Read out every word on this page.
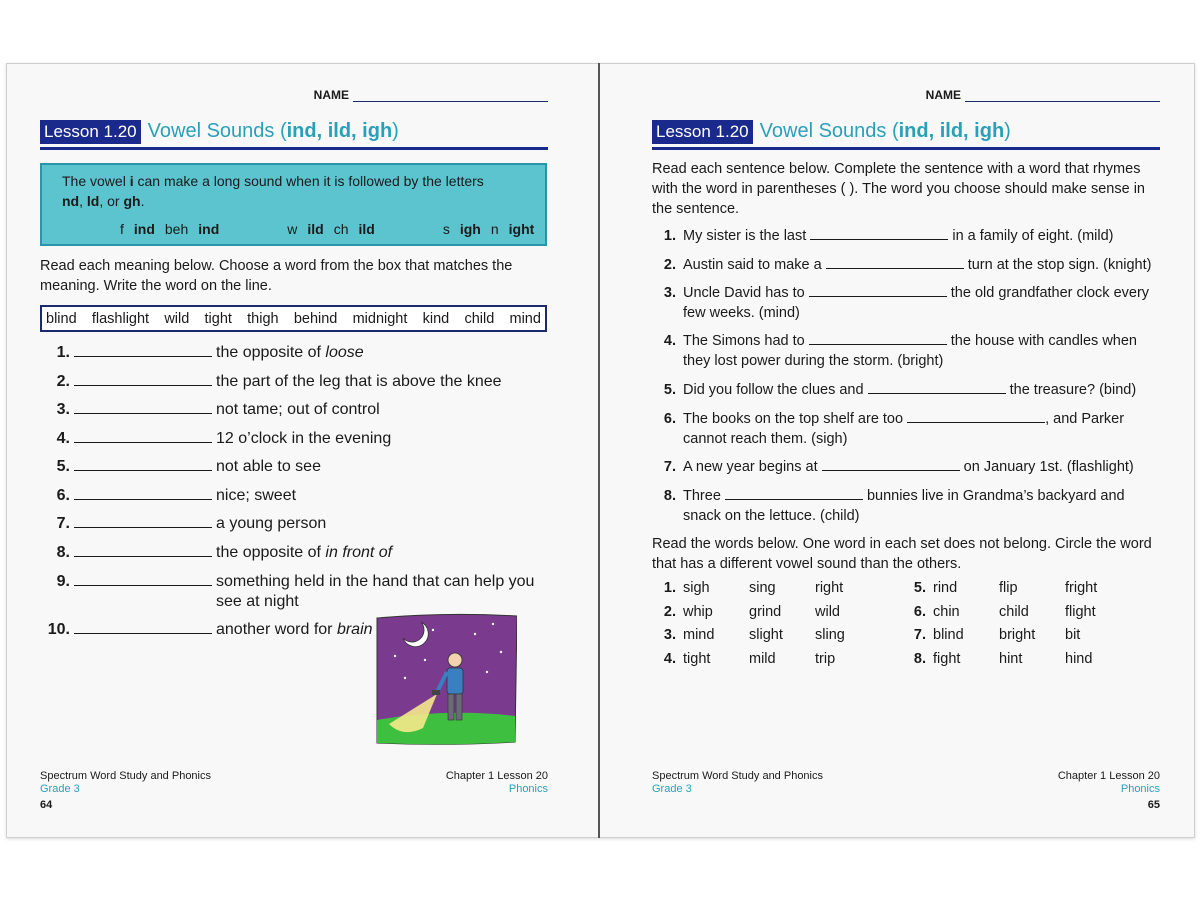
NAME
Lesson 1.20 Vowel Sounds (ind, ild, igh)
The vowel i can make a long sound when it is followed by the letters
nd, ld, or gh.
f ind beh ind	w ild ch ild	s igh n ight
Read each meaning below. Choose a word from the box that matches the meaning. Write the word on the line.
blind flashlight wild tight thigh behind midnight kind child mind
1.	the opposite of loose
2.	the part of the leg that is above the knee
3.	not tame; out of control
4.	12 o’clock in the evening
5.	not able to see
6.	nice; sweet
7.	a young person
8.	the opposite of in front of
9.	something held in the hand that can help you see at night
10.	another word for brain
Spectrum Word Study and Phonics
Grade 3
Chapter 1 Lesson 20
Phonics
64
NAME
Lesson 1.20 Vowel Sounds (ind, ild, igh)
Read each sentence below. Complete the sentence with a word that rhymes with the word in parentheses ( ). The word you choose should make sense in the sentence.
1. My sister is the last	in a family of eight. (mild)
2. Austin said to make a	turn at the stop sign. (knight)
3. Uncle David has to	the old grandfather clock every few weeks. (mind)
4. The Simons had to	the house with candles when they lost power during the storm. (bright)
5. Did you follow the clues and	the treasure? (bind)
6. The books on the top shelf are too	, and Parker cannot reach them. (sigh)
7. A new year begins at	on January 1st. (flashlight)
8. Three	bunnies live in Grandma’s backyard and snack on the lettuce. (child)
Read the words below. One word in each set does not belong. Circle the word that has a different vowel sound than the others.
1. sigh	sing	right
2. whip	grind	wild
3. mind	slight	sling
4. tight	mild	trip
5. rind	flip	fright
6. chin	child	flight
7. blind	bright	bit
8. fight	hint	hind
Spectrum Word Study and Phonics
Grade 3
Chapter 1 Lesson 20
Phonics
65
